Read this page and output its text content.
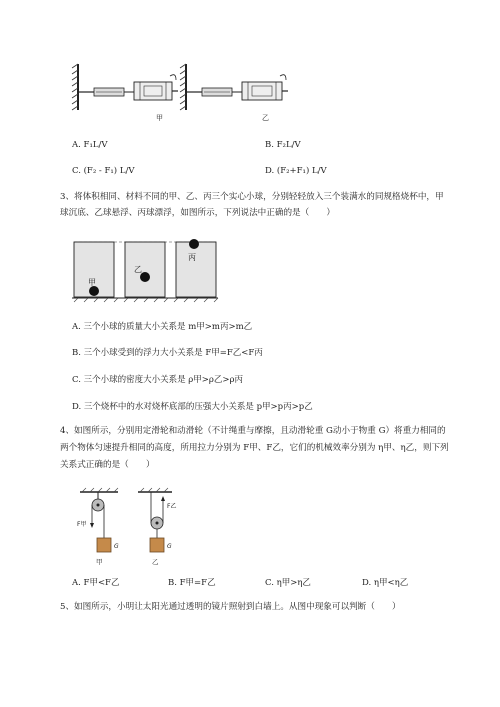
甲	乙
A. F₁L/V	B. F₂L/V
C. (F₂ - F₁) L/V	D. (F₂+F₁) L/V
3、将体积相同、材料不同的甲、乙、丙三个实心小球，分别轻轻放入三个装满水的同规格烧杯中，甲
球沉底、乙球悬浮、丙球漂浮，如图所示，下列说法中正确的是（　　）
甲
乙
丙
A. 三个小球的质量大小关系是 m甲>m丙>m乙
B. 三个小球受到的浮力大小关系是 F甲=F乙<F丙
C. 三个小球的密度大小关系是 ρ甲>ρ乙>ρ丙
D. 三个烧杯中的水对烧杯底部的压强大小关系是 p甲>p丙>p乙
4、如图所示，分别用定滑轮和动滑轮（不计绳重与摩擦，且动滑轮重 G动小于物重 G）将重力相同的
两个物体匀速提升相同的高度，所用拉力分别为 F甲、F乙，它们的机械效率分别为 η甲、η乙，则下列
关系式正确的是（　　）
F甲
G
甲
F乙
G
乙
A. F甲<F乙	B. F甲=F乙	C. η甲>η乙	D. η甲<η乙
5、如图所示，小明让太阳光通过透明的镜片照射到白墙上。从图中现象可以判断（　　）
